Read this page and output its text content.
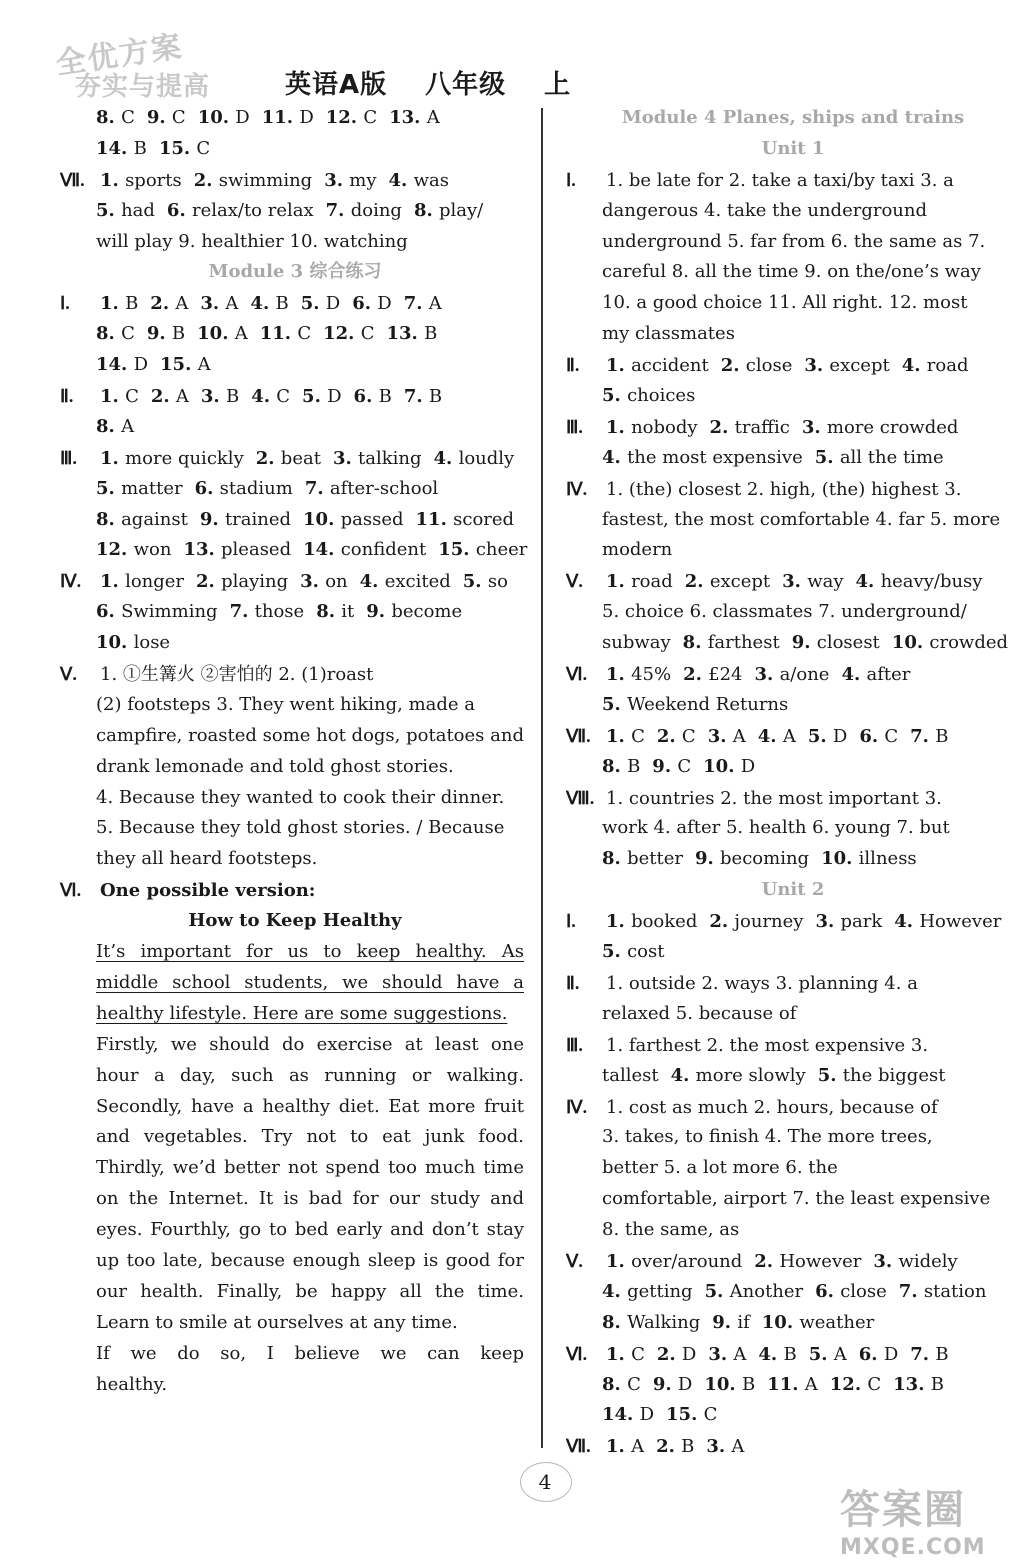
全优方案
夯实与提高	英语A版 八年级 上
8. C 9. C 10. D 11. D 12. C 13. A
14. B 15. C
Ⅶ. 1. sports 2. swimming 3. my 4. was
5. had 6. relax/to relax 7. doing 8. play/
will play 9. healthier 10. watching
Module 3 综合练习
Ⅰ. 1. B 2. A 3. A 4. B 5. D 6. D 7. A
8. C 9. B 10. A 11. C 12. C 13. B
14. D 15. A
Ⅱ. 1. C 2. A 3. B 4. C 5. D 6. B 7. B
8. A
Ⅲ. 1. more quickly 2. beat 3. talking 4. loudly
5. matter 6. stadium 7. after-school
8. against 9. trained 10. passed 11. scored
12. won 13. pleased 14. confident 15. cheer
Ⅳ. 1. longer 2. playing 3. on 4. excited 5. so
6. Swimming 7. those 8. it 9. become
10. lose
Ⅴ. 1. ①生篝火 ②害怕的 2. (1)roast
(2) footsteps 3. They went hiking, made a
campfire, roasted some hot dogs, potatoes and
drank lemonade and told ghost stories.
4. Because they wanted to cook their dinner.
5. Because they told ghost stories. / Because
they all heard footsteps.
Ⅵ. One possible version:
How to Keep Healthy
It’s important for us to keep healthy. As
middle school students, we should have a
healthy lifestyle. Here are some suggestions.
Firstly, we should do exercise at least one
hour a day, such as running or walking.
Secondly, have a healthy diet. Eat more fruit
and vegetables. Try not to eat junk food.
Thirdly, we’d better not spend too much time
on the Internet. It is bad for our study and
eyes. Fourthly, go to bed early and don’t stay
up too late, because enough sleep is good for
our health. Finally, be happy all the time.
Learn to smile at ourselves at any time.
If we do so, I believe we can keep
healthy.
Module 4 Planes, ships and trains
Unit 1
Ⅰ. 1. be late for 2. take a taxi/by taxi 3. a
dangerous 4. take the underground
underground 5. far from 6. the same as 7.
careful 8. all the time 9. on the/one’s way
10. a good choice 11. All right. 12. most
my classmates
Ⅱ. 1. accident 2. close 3. except 4. road
5. choices
Ⅲ. 1. nobody 2. traffic 3. more crowded
4. the most expensive 5. all the time
Ⅳ. 1. (the) closest 2. high, (the) highest 3.
fastest, the most comfortable 4. far 5. more
modern
Ⅴ. 1. road 2. except 3. way 4. heavy/busy
5. choice 6. classmates 7. underground/
subway 8. farthest 9. closest 10. crowded
Ⅵ. 1. 45% 2. £24 3. a/one 4. after
5. Weekend Returns
Ⅶ. 1. C 2. C 3. A 4. A 5. D 6. C 7. B
8. B 9. C 10. D
Ⅷ. 1. countries 2. the most important 3.
work 4. after 5. health 6. young 7. but
8. better 9. becoming 10. illness
Unit 2
Ⅰ. 1. booked 2. journey 3. park 4. However
5. cost
Ⅱ. 1. outside 2. ways 3. planning 4. a
relaxed 5. because of
Ⅲ. 1. farthest 2. the most expensive 3.
tallest 4. more slowly 5. the biggest
Ⅳ. 1. cost as much 2. hours, because of
3. takes, to finish 4. The more trees,
better 5. a lot more 6. the
comfortable, airport 7. the least expensive
8. the same, as
Ⅴ. 1. over/around 2. However 3. widely
4. getting 5. Another 6. close 7. station
8. Walking 9. if 10. weather
Ⅵ. 1. C 2. D 3. A 4. B 5. A 6. D 7. B
8. C 9. D 10. B 11. A 12. C 13. B
14. D 15. C
Ⅶ. 1. A 2. B 3. A
4
答案圈
MXQE.COM
